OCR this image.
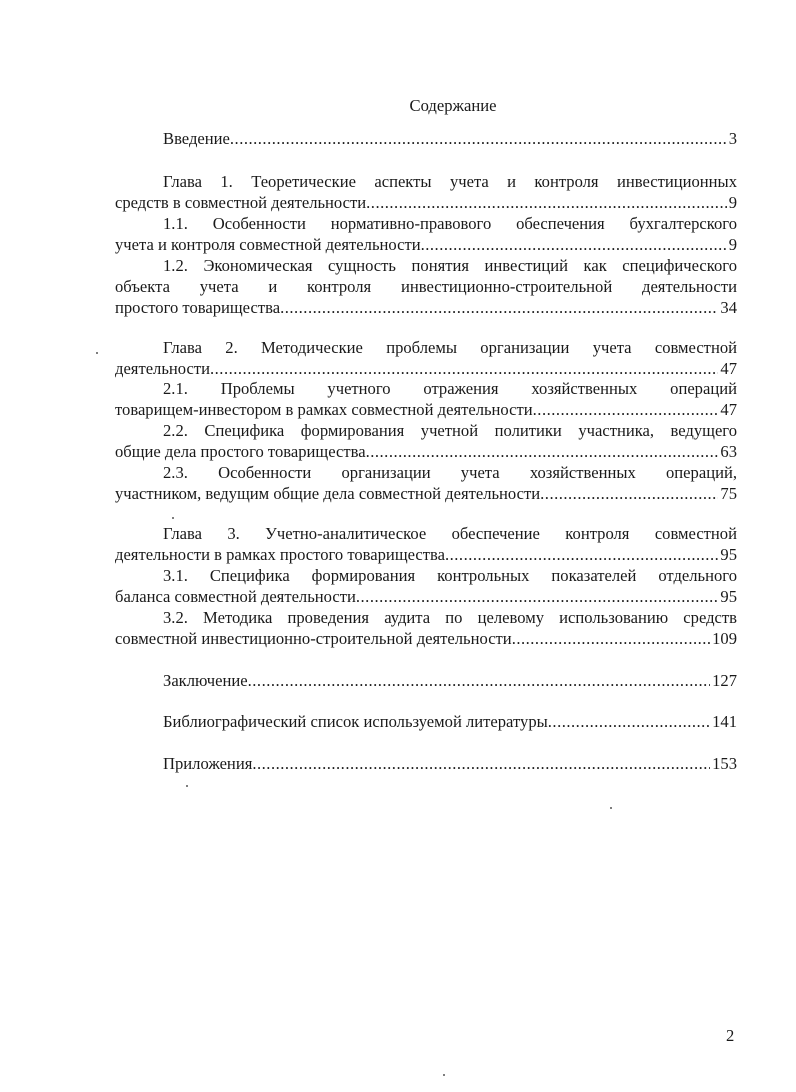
Содержание
Введение .....	3
Глава 1. Теоретические аспекты учета и контроля инвестиционных
средств в совместной деятельности .....	9
1.1. Особенности нормативно-правового обеспечения бухгалтерского
учета и контроля совместной деятельности .....	9
1.2. Экономическая сущность понятия инвестиций как специфического
объекта учета и контроля инвестиционно-строительной деятельности
простого товарищества .....	34
Глава 2. Методические проблемы организации учета совместной
деятельности .....	47
2.1. Проблемы учетного отражения хозяйственных операций
товарищем-инвестором в рамках совместной деятельности .....	47
2.2. Специфика формирования учетной политики участника, ведущего
общие дела простого товарищества .....	63
2.3. Особенности организации учета хозяйственных операций,
участником, ведущим общие дела совместной деятельности .....	75
Глава 3. Учетно-аналитическое обеспечение контроля совместной
деятельности в рамках простого товарищества .....	95
3.1. Специфика формирования контрольных показателей отдельного
баланса совместной деятельности .....	95
3.2. Методика проведения аудита по целевому использованию средств
совместной инвестиционно-строительной деятельности .....	109
Заключение .....	127
Библиографический список используемой литературы .....	141
Приложения .....	153
2
